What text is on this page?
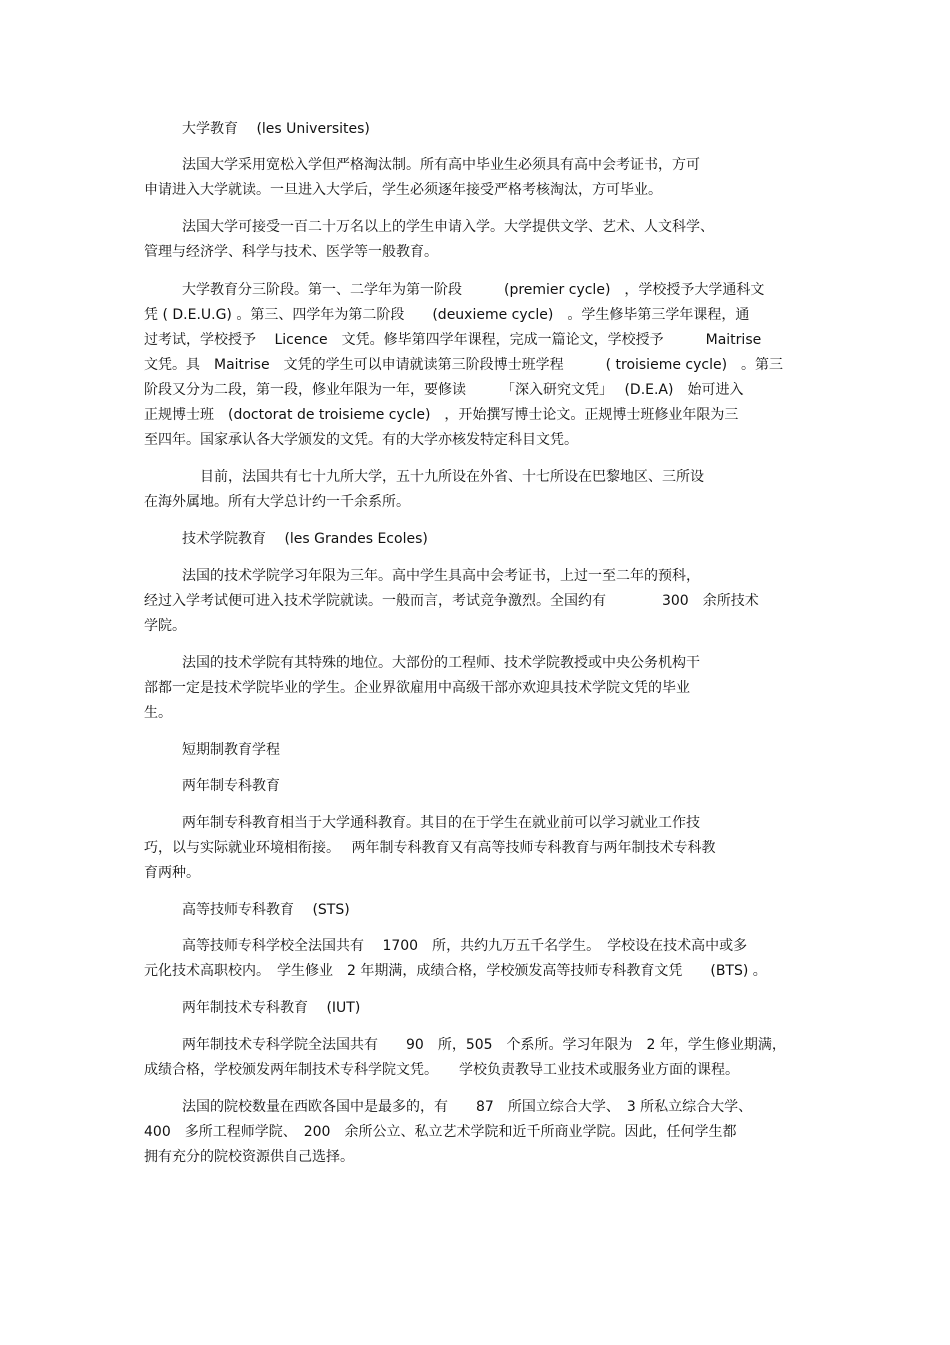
大学教育 　(les Universites)
法国大学采用宽松入学但严格淘汰制。所有高中毕业生必须具有高中会考证书，方可
申请进入大学就读。一旦进入大学后，学生必须逐年接受严格考核淘汰，方可毕业。
法国大学可接受一百二十万名以上的学生申请入学。大学提供文学、艺术、人文科学、
管理与经济学、科学与技术、医学等一般教育。
大学教育分三阶段。第一、二学年为第一阶段　　　(premier cycle)　，学校授予大学通科文
凭 ( D.E.U.G) 。第三、四学年为第二阶段　　(deuxieme cycle)　。学生修毕第三学年课程，通
过考试，学校授予　 Licence　文凭。修毕第四学年课程，完成一篇论文，学校授予　　　Maitrise
文凭。具　Maitrise　文凭的学生可以申请就读第三阶段博士班学程　　　( troisieme cycle)　。第三
阶段又分为二段，第一段，修业年限为一年，要修读　　　「深入研究文凭」　 (D.E.A)　始可进入
正规博士班　(doctorat de troisieme cycle)　，开始撰写博士论文。正规博士班修业年限为三
至四年。国家承认各大学颁发的文凭。有的大学亦核发特定科目文凭。
目前，法国共有七十九所大学，五十九所设在外省、十七所设在巴黎地区、三所设
在海外属地。所有大学总计约一千余系所。
技术学院教育 　(les Grandes Ecoles)
法国的技术学院学习年限为三年。高中学生具高中会考证书，上过一至二年的预科，
经过入学考试便可进入技术学院就读。一般而言，考试竞争激烈。全国约有　　　　300　余所技术
学院。
法国的技术学院有其特殊的地位。大部份的工程师、技术学院教授或中央公务机构干
部都一定是技术学院毕业的学生。企业界欲雇用中高级干部亦欢迎具技术学院文凭的毕业
生。
短期制教育学程
两年制专科教育
两年制专科教育相当于大学通科教育。其目的在于学生在就业前可以学习就业工作技
巧，以与实际就业环境相衔接。　 两年制专科教育又有高等技师专科教育与两年制技术专科教
育两种。
高等技师专科教育 　(STS)
高等技师专科学校全法国共有　 1700　所，共约九万五千名学生。　学校设在技术高中或多
元化技术高职校内。　学生修业　2 年期满，成绩合格，学校颁发高等技师专科教育文凭　　(BTS) 。
两年制技术专科教育 　(IUT)
两年制技术专科学院全法国共有　　90　所，505　个系所。学习年限为　2 年，学生修业期满，
成绩合格，学校颁发两年制技术专科学院文凭。　　学校负责教导工业技术或服务业方面的课程。
法国的院校数量在西欧各国中是最多的，有　　87　所国立综合大学、　3 所私立综合大学、
400　多所工程师学院、　200　余所公立、私立艺术学院和近千所商业学院。因此，任何学生都
拥有充分的院校资源供自己选择。
